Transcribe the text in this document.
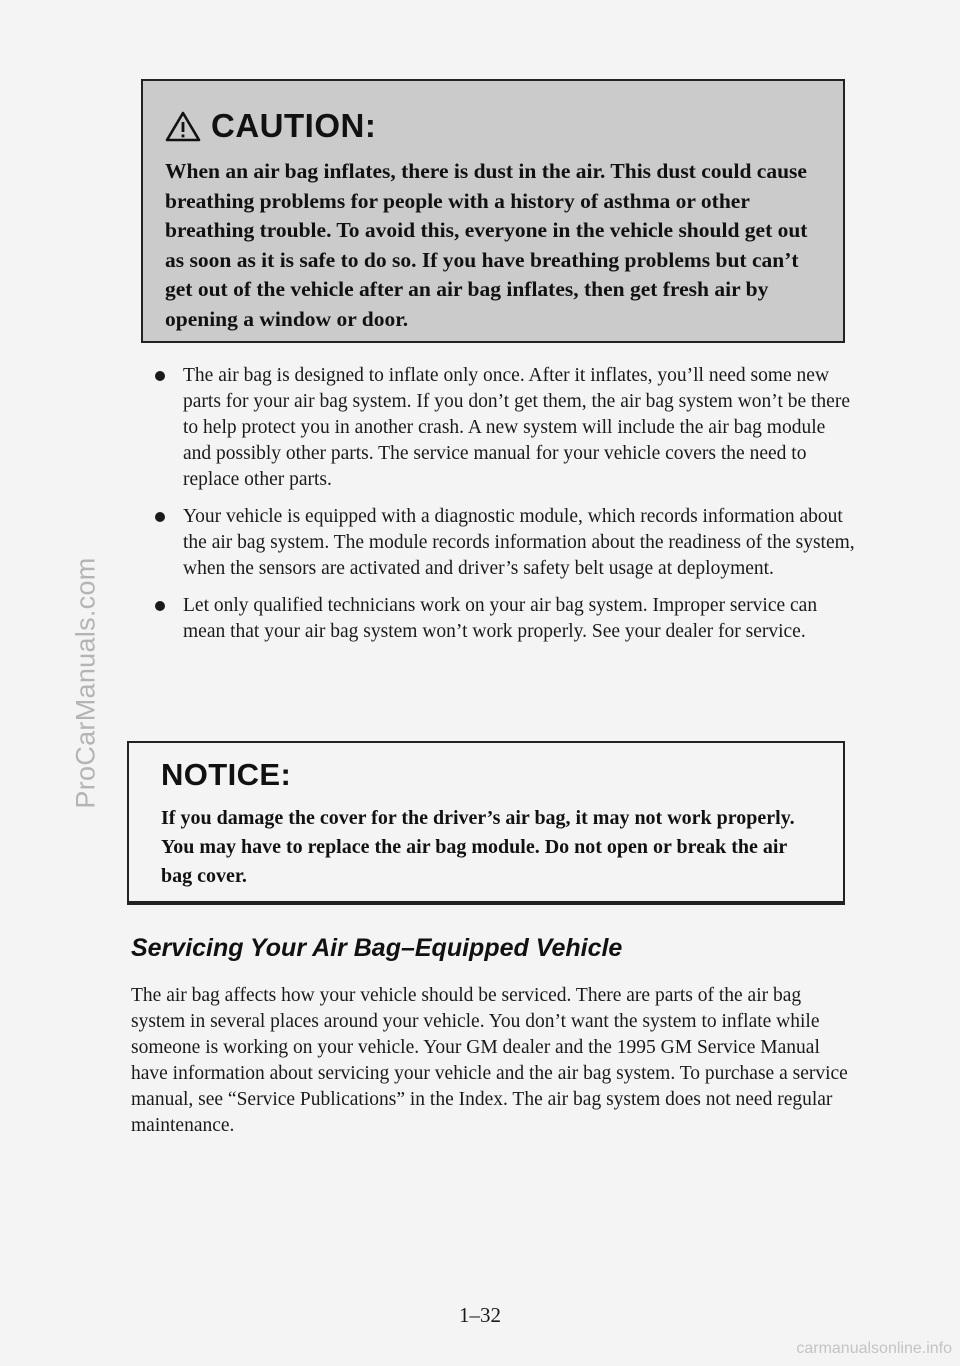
ProCarManuals.com
CAUTION:

When an air bag inflates, there is dust in the air. This dust could cause breathing problems for people with a history of asthma or other breathing trouble. To avoid this, everyone in the vehicle should get out as soon as it is safe to do so. If you have breathing problems but can’t get out of the vehicle after an air bag inflates, then get fresh air by opening a window or door.

The air bag is designed to inflate only once. After it inflates, you’ll need some new parts for your air bag system. If you don’t get them, the air bag system won’t be there to help protect you in another crash. A new system will include the air bag module and possibly other parts. The service manual for your vehicle covers the need to replace other parts.
Your vehicle is equipped with a diagnostic module, which records information about the air bag system. The module records information about the readiness of the system, when the sensors are activated and driver’s safety belt usage at deployment.
Let only qualified technicians work on your air bag system. Improper service can mean that your air bag system won’t work properly. See your dealer for service.
NOTICE:

If you damage the cover for the driver’s air bag, it may not work properly. You may have to replace the air bag module. Do not open or break the air bag cover.

Servicing Your Air Bag–Equipped Vehicle

The air bag affects how your vehicle should be serviced. There are parts of the air bag system in several places around your vehicle. You don’t want the system to inflate while someone is working on your vehicle. Your GM dealer and the 1995 GM Service Manual have information about servicing your vehicle and the air bag system. To purchase a service manual, see “Service Publications” in the Index. The air bag system does not need regular maintenance.

1–32
carmanualsonline.info
